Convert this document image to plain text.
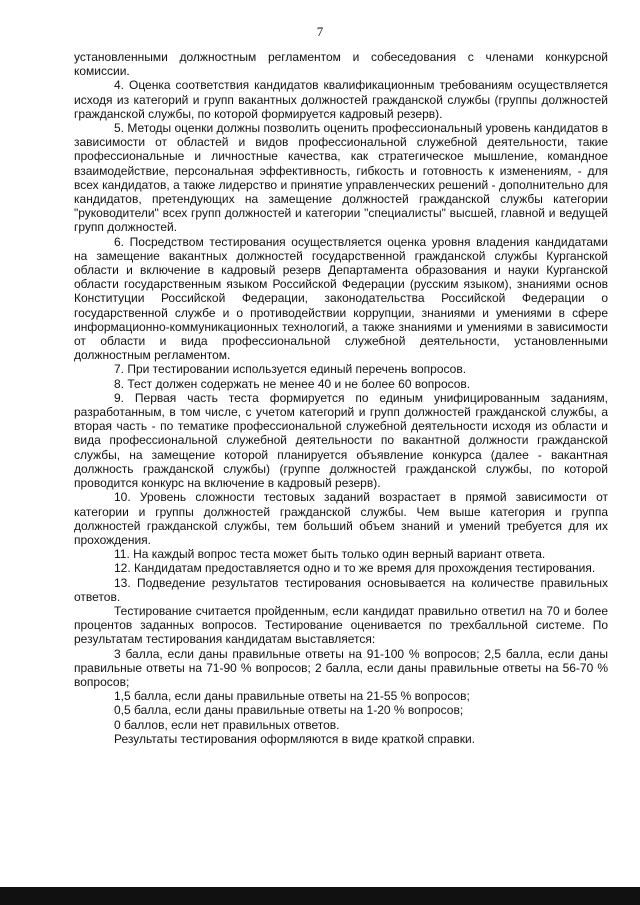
7

установленными должностным регламентом и собеседования с членами конкурсной комиссии.

4. Оценка соответствия кандидатов квалификационным требованиям осуществляется исходя из категорий и групп вакантных должностей гражданской службы (группы должностей гражданской службы, по которой формируется кадровый резерв).

5. Методы оценки должны позволить оценить профессиональный уровень кандидатов в зависимости от областей и видов профессиональной служебной деятельности, такие профессиональные и личностные качества, как стратегическое мышление, командное взаимодействие, персональная эффективность, гибкость и готовность к изменениям, - для всех кандидатов, а также лидерство и принятие управленческих решений - дополнительно для кандидатов, претендующих на замещение должностей гражданской службы категории "руководители" всех групп должностей и категории "специалисты" высшей, главной и ведущей групп должностей.

6. Посредством тестирования осуществляется оценка уровня владения кандидатами на замещение вакантных должностей государственной гражданской службы Курганской области и включение в кадровый резерв Департамента образования и науки Курганской области государственным языком Российской Федерации (русским языком), знаниями основ Конституции Российской Федерации, законодательства Российской Федерации о государственной службе и о противодействии коррупции, знаниями и умениями в сфере информационно-коммуникационных технологий, а также знаниями и умениями в зависимости от области и вида профессиональной служебной деятельности, установленными должностным регламентом.

7. При тестировании используется единый перечень вопросов.

8. Тест должен содержать не менее 40 и не более 60 вопросов.

9. Первая часть теста формируется по единым унифицированным заданиям, разработанным, в том числе, с учетом категорий и групп должностей гражданской службы, а вторая часть - по тематике профессиональной служебной деятельности исходя из области и вида профессиональной служебной деятельности по вакантной должности гражданской службы, на замещение которой планируется объявление конкурса (далее - вакантная должность гражданской службы) (группе должностей гражданской службы, по которой проводится конкурс на включение в кадровый резерв).

10. Уровень сложности тестовых заданий возрастает в прямой зависимости от категории и группы должностей гражданской службы. Чем выше категория и группа должностей гражданской службы, тем больший объем знаний и умений требуется для их прохождения.

11. На каждый вопрос теста может быть только один верный вариант ответа.

12. Кандидатам предоставляется одно и то же время для прохождения тестирования.

13. Подведение результатов тестирования основывается на количестве правильных ответов.

Тестирование считается пройденным, если кандидат правильно ответил на 70 и более процентов заданных вопросов. Тестирование оценивается по трехбалльной системе. По результатам тестирования кандидатам выставляется:

3 балла, если даны правильные ответы на 91-100 % вопросов; 2,5 балла, если даны правильные ответы на 71-90 % вопросов; 2 балла, если даны правильные ответы на 56-70 % вопросов;

1,5 балла, если даны правильные ответы на 21-55 % вопросов;

0,5 балла, если даны правильные ответы на 1-20 % вопросов;

0 баллов, если нет правильных ответов.

Результаты тестирования оформляются в виде краткой справки.
